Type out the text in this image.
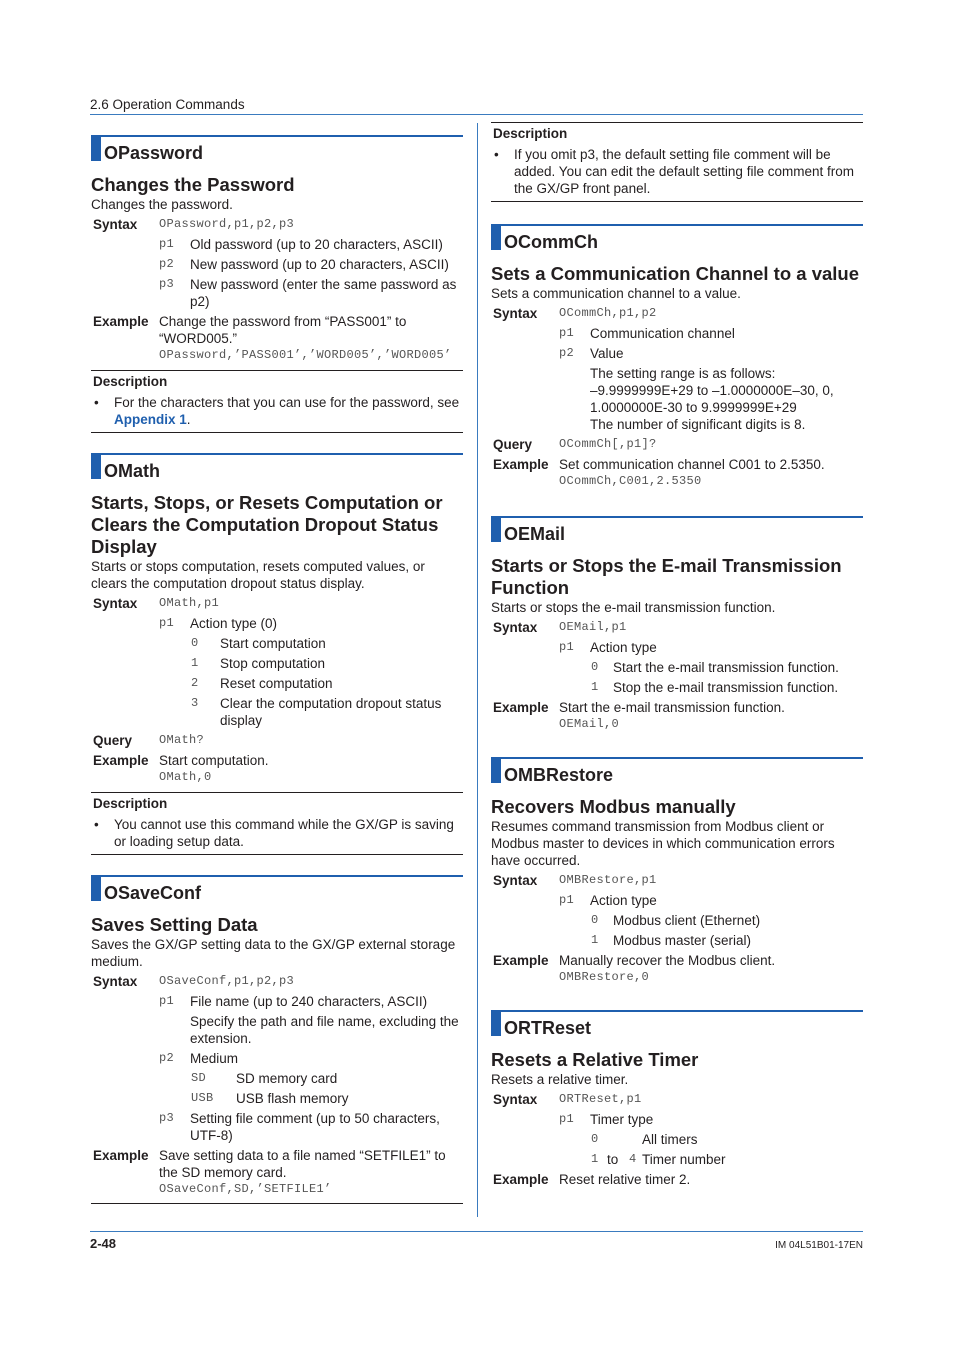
2.6 Operation Commands
OPassword
Changes the Password
Changes the password.
Syntax OPassword,p1,p2,p3
p1 Old password (up to 20 characters, ASCII)
p2 New password (up to 20 characters, ASCII)
p3 New password (enter the same password as p2)
Example Change the password from “PASS001” to “WORD005.”
OPassword,’PASS001’,’WORD005’,’WORD005’
Description
• For the characters that you can use for the password, see Appendix 1.
OMath
Starts, Stops, or Resets Computation or Clears the Computation Dropout Status Display
Starts or stops computation, resets computed values, or clears the computation dropout status display.
Syntax OMath,p1
p1 Action type (0)
0 Start computation
1 Stop computation
2 Reset computation
3 Clear the computation dropout status display
Query OMath?
Example Start computation.
OMath,0
Description
• You cannot use this command while the GX/GP is saving or loading setup data.
OSaveConf
Saves Setting Data
Saves the GX/GP setting data to the GX/GP external storage medium.
Syntax OSaveConf,p1,p2,p3
p1 File name (up to 240 characters, ASCII)
Specify the path and file name, excluding the extension.
p2 Medium
SD SD memory card
USB USB flash memory
p3 Setting file comment (up to 50 characters, UTF-8)
Example Save setting data to a file named “SETFILE1” to the SD memory card.
OSaveConf,SD,’SETFILE1’
Description
• If you omit p3, the default setting file comment will be added. You can edit the default setting file comment from the GX/GP front panel.
OCommCh
Sets a Communication Channel to a value
Sets a communication channel to a value.
Syntax OCommCh,p1,p2
p1 Communication channel
p2 Value
The setting range is as follows:
–9.9999999E+29 to –1.0000000E–30, 0, 1.0000000E-30 to 9.9999999E+29
The number of significant digits is 8.
Query OCommCh[,p1]?
Example Set communication channel C001 to 2.5350.
OCommCh,C001,2.5350
OEMail
Starts or Stops the E-mail Transmission Function
Starts or stops the e-mail transmission function.
Syntax OEMail,p1
p1 Action type
0 Start the e-mail transmission function.
1 Stop the e-mail transmission function.
Example Start the e-mail transmission function.
OEMail,0
OMBRestore
Recovers Modbus manually
Resumes command transmission from Modbus client or Modbus master to devices in which communication errors have occurred.
Syntax OMBRestore,p1
p1 Action type
0 Modbus client (Ethernet)
1 Modbus master (serial)
Example Manually recover the Modbus client.
OMBRestore,0
ORTReset
Resets a Relative Timer
Resets a relative timer.
Syntax ORTReset,p1
p1 Timer type
0	All timers
1 to 4 Timer number
Example Reset relative timer 2.
2-48	IM 04L51B01-17EN
